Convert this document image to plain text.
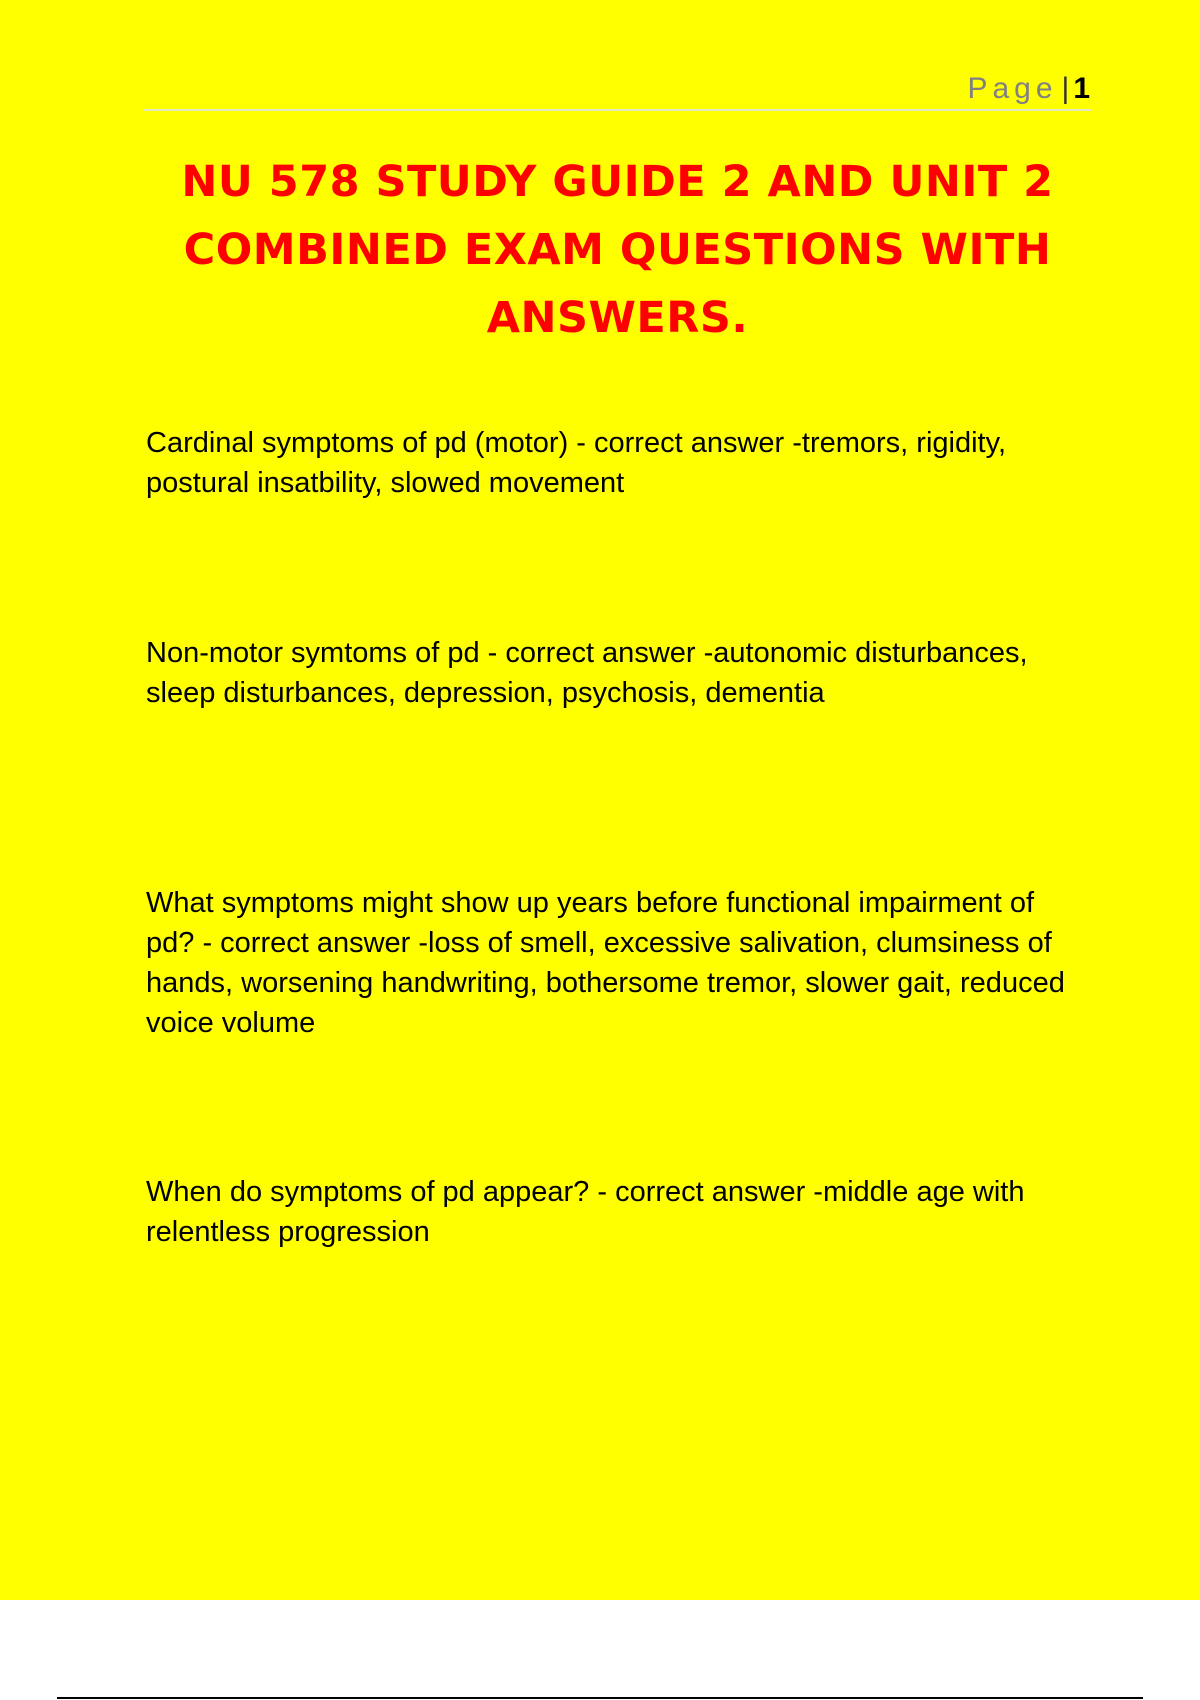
Page | 1
NU 578 STUDY GUIDE 2 AND UNIT 2 COMBINED EXAM QUESTIONS WITH ANSWERS.

Cardinal symptoms of pd (motor) - correct answer -tremors, rigidity, postural insatbility, slowed movement

Non-motor symtoms of pd - correct answer -autonomic disturbances, sleep disturbances, depression, psychosis, dementia

What symptoms might show up years before functional impairment of pd? - correct answer -loss of smell, excessive salivation, clumsiness of hands, worsening handwriting, bothersome tremor, slower gait, reduced voice volume

When do symptoms of pd appear? - correct answer -middle age with relentless progression
